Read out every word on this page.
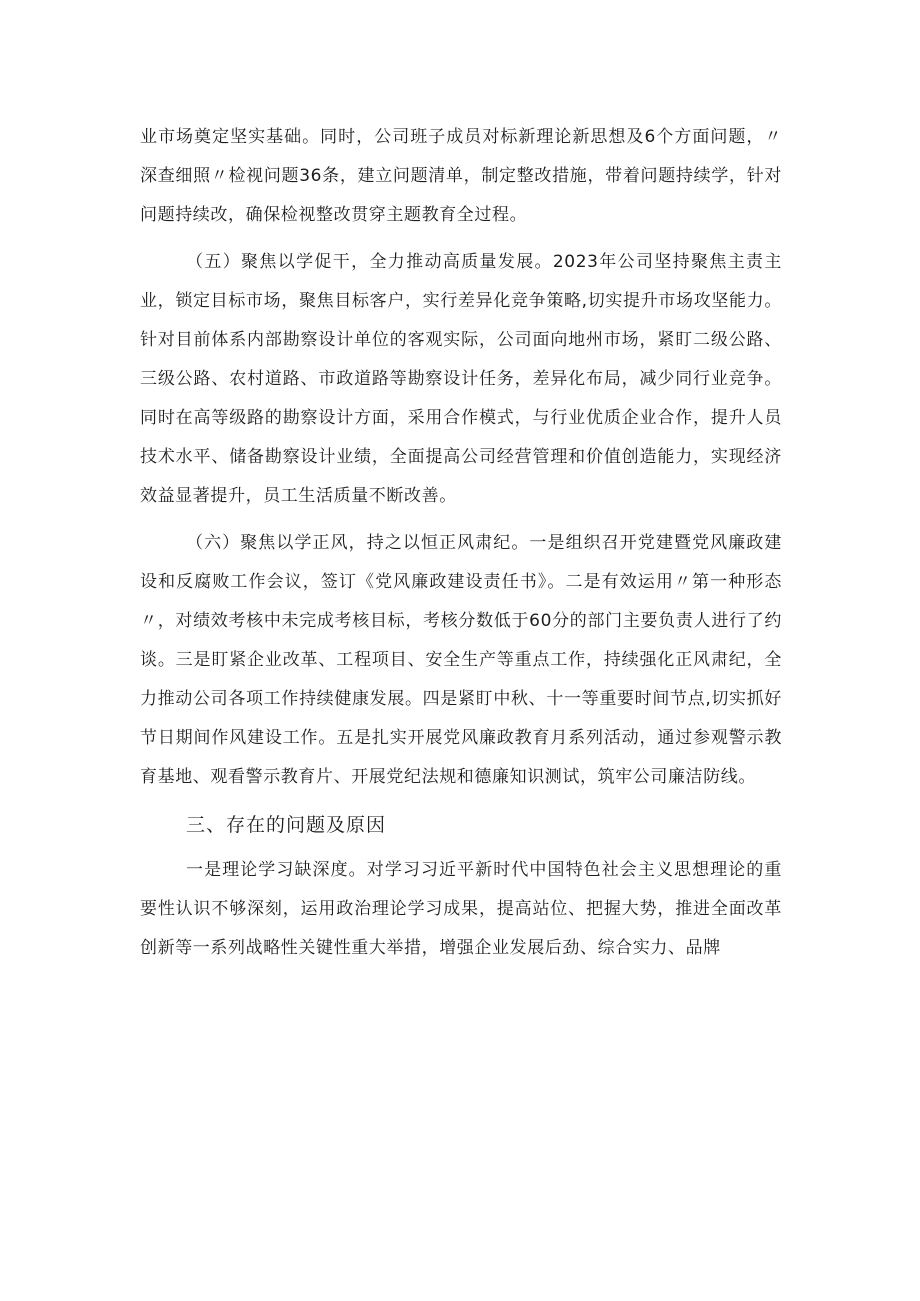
业市场奠定坚实基础。同时，公司班子成员对标新理论新思想及6个方面问题，〃深查细照〃检视问题36条，建立问题清单，制定整改措施，带着问题持续学，针对问题持续改，确保检视整改贯穿主题教育全过程。

（五）聚焦以学促干，全力推动高质量发展。2023年公司坚持聚焦主责主业，锁定目标市场，聚焦目标客户，实行差异化竞争策略,切实提升市场攻坚能力。针对目前体系内部勘察设计单位的客观实际，公司面向地州市场，紧盯二级公路、三级公路、农村道路、市政道路等勘察设计任务，差异化布局，减少同行业竞争。同时在高等级路的勘察设计方面，采用合作模式，与行业优质企业合作，提升人员技术水平、储备勘察设计业绩，全面提高公司经营管理和价值创造能力，实现经济效益显著提升，员工生活质量不断改善。

（六）聚焦以学正风，持之以恒正风肃纪。一是组织召开党建暨党风廉政建设和反腐败工作会议，签订《党风廉政建设责任书》。二是有效运用〃第一种形态〃，对绩效考核中未完成考核目标，考核分数低于60分的部门主要负责人进行了约谈。三是盯紧企业改革、工程项目、安全生产等重点工作，持续强化正风肃纪，全力推动公司各项工作持续健康发展。四是紧盯中秋、十一等重要时间节点,切实抓好节日期间作风建设工作。五是扎实开展党风廉政教育月系列活动，通过参观警示教育基地、观看警示教育片、开展党纪法规和德廉知识测试，筑牢公司廉洁防线。

三、存在的问题及原因

一是理论学习缺深度。对学习习近平新时代中国特色社会主义思想理论的重要性认识不够深刻，运用政治理论学习成果，提高站位、把握大势，推进全面改革创新等一系列战略性关键性重大举措，增强企业发展后劲、综合实力、品牌
